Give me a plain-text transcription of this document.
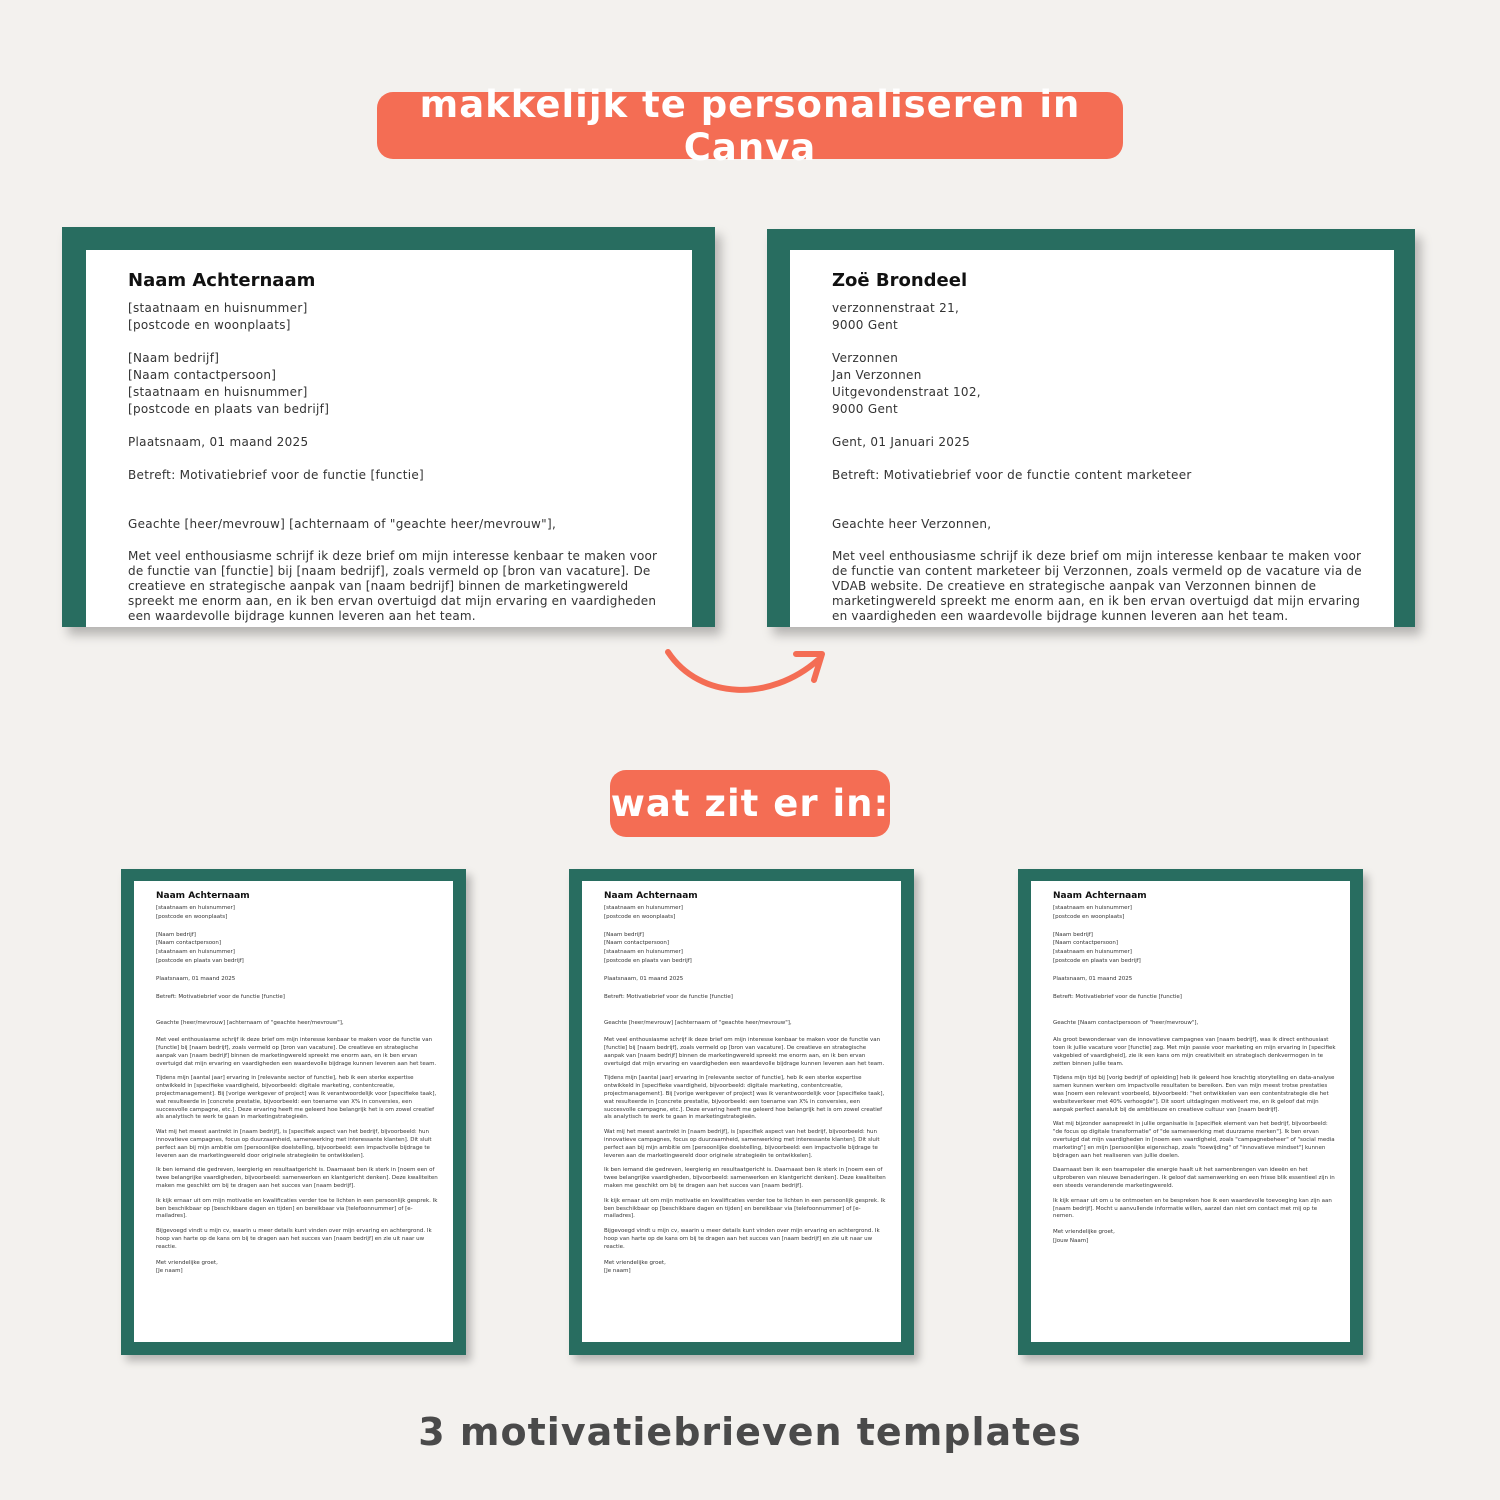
makkelijk te personaliseren in Canva
Naam Achternaam
[staatnaam en huisnummer]
[postcode en woonplaats]
[Naam bedrijf]
[Naam contactpersoon]
[staatnaam en huisnummer]
[postcode en plaats van bedrijf]
Plaatsnaam, 01 maand 2025
Betreft: Motivatiebrief voor de functie [functie]
Geachte [heer/mevrouw] [achternaam of "geachte heer/mevrouw"],
Met veel enthousiasme schrijf ik deze brief om mijn interesse kenbaar te maken voor de functie van [functie] bij [naam bedrijf], zoals vermeld op [bron van vacature]. De creatieve en strategische aanpak van [naam bedrijf] binnen de marketingwereld spreekt me enorm aan, en ik ben ervan overtuigd dat mijn ervaring en vaardigheden een waardevolle bijdrage kunnen leveren aan het team.
Zoë Brondeel
verzonnenstraat 21,
9000 Gent
Verzonnen
Jan Verzonnen
Uitgevondenstraat 102,
9000 Gent
Gent, 01 Januari 2025
Betreft: Motivatiebrief voor de functie content marketeer
Geachte heer Verzonnen,
Met veel enthousiasme schrijf ik deze brief om mijn interesse kenbaar te maken voor de functie van content marketeer bij Verzonnen, zoals vermeld op de vacature via de VDAB website. De creatieve en strategische aanpak van Verzonnen binnen de marketingwereld spreekt me enorm aan, en ik ben ervan overtuigd dat mijn ervaring en vaardigheden een waardevolle bijdrage kunnen leveren aan het team.
wat zit er in:
Naam Achternaam
[staatnaam en huisnummer]
[postcode en woonplaats]
[Naam bedrijf]
[Naam contactpersoon]
[staatnaam en huisnummer]
[postcode en plaats van bedrijf]
Plaatsnaam, 01 maand 2025
Betreft: Motivatiebrief voor de functie [functie]
Geachte [heer/mevrouw] [achternaam of "geachte heer/mevrouw"],
Met veel enthousiasme schrijf ik deze brief om mijn interesse kenbaar te maken voor de functie van [functie] bij [naam bedrijf], zoals vermeld op [bron van vacature]. De creatieve en strategische aanpak van [naam bedrijf] binnen de marketingwereld spreekt me enorm aan, en ik ben ervan overtuigd dat mijn ervaring en vaardigheden een waardevolle bijdrage kunnen leveren aan het team.
Tijdens mijn [aantal jaar] ervaring in [relevante sector of functie], heb ik een sterke expertise ontwikkeld in [specifieke vaardigheid, bijvoorbeeld: digitale marketing, contentcreatie, projectmanagement]. Bij [vorige werkgever of project] was ik verantwoordelijk voor [specifieke taak], wat resulteerde in [concrete prestatie, bijvoorbeeld: een toename van X% in conversies, een succesvolle campagne, etc.]. Deze ervaring heeft me geleerd hoe belangrijk het is om zowel creatief als analytisch te werk te gaan in marketingstrategieën.
Wat mij het meest aantrekt in [naam bedrijf], is [specifiek aspect van het bedrijf, bijvoorbeeld: hun innovatieve campagnes, focus op duurzaamheid, samenwerking met interessante klanten]. Dit sluit perfect aan bij mijn ambitie om [persoonlijke doelstelling, bijvoorbeeld: een impactvolle bijdrage te leveren aan de marketingwereld door originele strategieën te ontwikkelen].
Ik ben iemand die gedreven, leergierig en resultaatgericht is. Daarnaast ben ik sterk in [noem een of twee belangrijke vaardigheden, bijvoorbeeld: samenwerken en klantgericht denken]. Deze kwaliteiten maken me geschikt om bij te dragen aan het succes van [naam bedrijf].
Ik kijk ernaar uit om mijn motivatie en kwalificaties verder toe te lichten in een persoonlijk gesprek. Ik ben beschikbaar op [beschikbare dagen en tijden] en bereikbaar via [telefoonnummer] of [e-mailadres].
Bijgevoegd vindt u mijn cv, waarin u meer details kunt vinden over mijn ervaring en achtergrond. Ik hoop van harte op de kans om bij te dragen aan het succes van [naam bedrijf] en zie uit naar uw reactie.
Met vriendelijke groet,
[Je naam]
Naam Achternaam
[staatnaam en huisnummer]
[postcode en woonplaats]
[Naam bedrijf]
[Naam contactpersoon]
[staatnaam en huisnummer]
[postcode en plaats van bedrijf]
Plaatsnaam, 01 maand 2025
Betreft: Motivatiebrief voor de functie [functie]
Geachte [heer/mevrouw] [achternaam of "geachte heer/mevrouw"],
Met veel enthousiasme schrijf ik deze brief om mijn interesse kenbaar te maken voor de functie van [functie] bij [naam bedrijf], zoals vermeld op [bron van vacature]. De creatieve en strategische aanpak van [naam bedrijf] binnen de marketingwereld spreekt me enorm aan, en ik ben ervan overtuigd dat mijn ervaring en vaardigheden een waardevolle bijdrage kunnen leveren aan het team.
Tijdens mijn [aantal jaar] ervaring in [relevante sector of functie], heb ik een sterke expertise ontwikkeld in [specifieke vaardigheid, bijvoorbeeld: digitale marketing, contentcreatie, projectmanagement]. Bij [vorige werkgever of project] was ik verantwoordelijk voor [specifieke taak], wat resulteerde in [concrete prestatie, bijvoorbeeld: een toename van X% in conversies, een succesvolle campagne, etc.]. Deze ervaring heeft me geleerd hoe belangrijk het is om zowel creatief als analytisch te werk te gaan in marketingstrategieën.
Wat mij het meest aantrekt in [naam bedrijf], is [specifiek aspect van het bedrijf, bijvoorbeeld: hun innovatieve campagnes, focus op duurzaamheid, samenwerking met interessante klanten]. Dit sluit perfect aan bij mijn ambitie om [persoonlijke doelstelling, bijvoorbeeld: een impactvolle bijdrage te leveren aan de marketingwereld door originele strategieën te ontwikkelen].
Ik ben iemand die gedreven, leergierig en resultaatgericht is. Daarnaast ben ik sterk in [noem een of twee belangrijke vaardigheden, bijvoorbeeld: samenwerken en klantgericht denken]. Deze kwaliteiten maken me geschikt om bij te dragen aan het succes van [naam bedrijf].
Ik kijk ernaar uit om mijn motivatie en kwalificaties verder toe te lichten in een persoonlijk gesprek. Ik ben beschikbaar op [beschikbare dagen en tijden] en bereikbaar via [telefoonnummer] of [e-mailadres].
Bijgevoegd vindt u mijn cv, waarin u meer details kunt vinden over mijn ervaring en achtergrond. Ik hoop van harte op de kans om bij te dragen aan het succes van [naam bedrijf] en zie uit naar uw reactie.
Met vriendelijke groet,
[Je naam]
Naam Achternaam
[staatnaam en huisnummer]
[postcode en woonplaats]
[Naam bedrijf]
[Naam contactpersoon]
[staatnaam en huisnummer]
[postcode en plaats van bedrijf]
Plaatsnaam, 01 maand 2025
Betreft: Motivatiebrief voor de functie [functie]
Geachte [Naam contactpersoon of "heer/mevrouw"],
Als groot bewonderaar van de innovatieve campagnes van [naam bedrijf], was ik direct enthousiast toen ik jullie vacature voor [functie] zag. Met mijn passie voor marketing en mijn ervaring in [specifiek vakgebied of vaardigheid], zie ik een kans om mijn creativiteit en strategisch denkvermogen in te zetten binnen jullie team.
Tijdens mijn tijd bij [vorig bedrijf of opleiding] heb ik geleerd hoe krachtig storytelling en data-analyse samen kunnen werken om impactvolle resultaten te bereiken. Een van mijn meest trotse prestaties was [noem een relevant voorbeeld, bijvoorbeeld: "het ontwikkelen van een contentstrategie die het websiteverkeer met 40% verhoogde"]. Dit soort uitdagingen motiveert me, en ik geloof dat mijn aanpak perfect aansluit bij de ambitieuze en creatieve cultuur van [naam bedrijf].
Wat mij bijzonder aanspreekt in jullie organisatie is [specifiek element van het bedrijf, bijvoorbeeld: "de focus op digitale transformatie" of "de samenwerking met duurzame merken"]. Ik ben ervan overtuigd dat mijn vaardigheden in [noem een vaardigheid, zoals "campagnebeheer" of "social media marketing"] en mijn [persoonlijke eigenschap, zoals "toewijding" of "innovatieve mindset"] kunnen bijdragen aan het realiseren van jullie doelen.
Daarnaast ben ik een teamspeler die energie haalt uit het samenbrengen van ideeën en het uitproberen van nieuwe benaderingen. Ik geloof dat samenwerking en een frisse blik essentieel zijn in een steeds veranderende marketingwereld.
Ik kijk ernaar uit om u te ontmoeten en te bespreken hoe ik een waardevolle toevoeging kan zijn aan [naam bedrijf]. Mocht u aanvullende informatie willen, aarzel dan niet om contact met mij op te nemen.
Met vriendelijke groet,
[Jouw Naam]
3 motivatiebrieven templates
